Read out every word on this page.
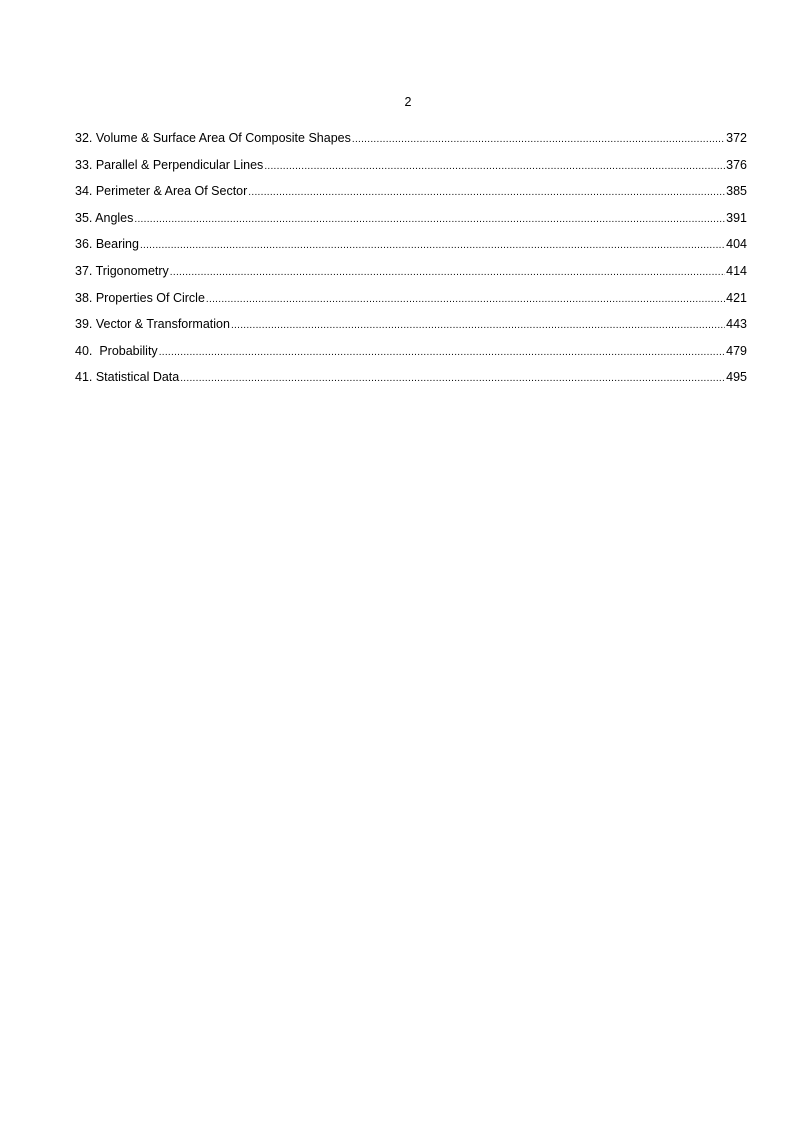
2
32. Volume & Surface Area Of Composite Shapes .....	372
33. Parallel & Perpendicular Lines .....	376
34. Perimeter & Area Of Sector .....	385
35. Angles .....	391
36. Bearing .....	404
37. Trigonometry .....	414
38. Properties Of Circle .....	421
39. Vector & Transformation .....	443
40.  Probability .....	479
41. Statistical Data .....	495
